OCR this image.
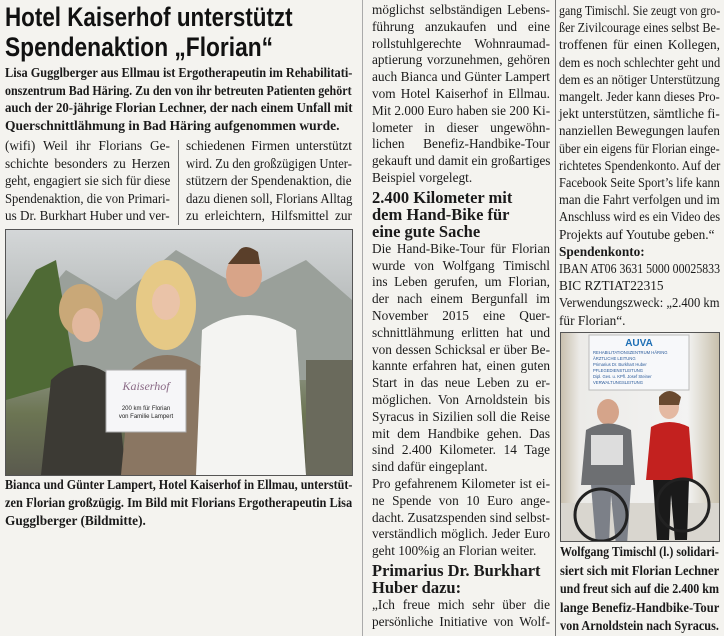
Hotel Kaiserhof unterstützt
Spendenaktion „Florian“
Lisa Gugglberger aus Ellmau ist Ergotherapeutin im Rehabilitati-
onszentrum Bad Häring. Zu den von ihr betreuten Patienten gehört
auch der 20-jährige Florian Lechner, der nach einem Unfall mit
Querschnittlähmung in Bad Häring aufgenommen wurde.
(wifi) Weil ihr Florians Ge-
schichte besonders zu Herzen
geht, engagiert sie sich für diese
Spendenaktion, die von Primari-
us Dr. Burkhart Huber und ver-
schiedenen Firmen unterstützt
wird. Zu den großzügigen Unter-
stützern der Spendenaktion, die
dazu dienen soll, Florians Alltag
zu erleichtern, Hilfsmittel zur
Kaiserhof
200 km für Florian
von Familie Lampert
Bianca und Günter Lampert, Hotel Kaiserhof in Ellmau, unterstüt-
zen Florian großzügig. Im Bild mit Florians Ergotherapeutin Lisa
Gugglberger (Bildmitte).
möglichst selbständigen Lebens-
führung anzukaufen und eine
rollstuhlgerechte Wohnraumad-
aptierung vorzunehmen, gehören
auch Bianca und Günter Lampert
vom Hotel Kaiserhof in Ellmau.
Mit 2.000 Euro haben sie 200 Ki-
lometer in dieser ungewöhn-
lichen Benefiz-Handbike-Tour
gekauft und damit ein großartiges
Beispiel vorgelegt.
2.400 Kilometer mit
dem Hand-Bike für
eine gute Sache
Die Hand-Bike-Tour für Florian
wurde von Wolfgang Timischl
ins Leben gerufen, um Florian,
der nach einem Bergunfall im
November 2015 eine Quer-
schnittlähmung erlitten hat und
von dessen Schicksal er über Be-
kannte erfahren hat, einen guten
Start in das neue Leben zu er-
möglichen. Von Arnoldstein bis
Syracus in Sizilien soll die Reise
mit dem Handbike gehen. Das
sind 2.400 Kilometer. 14 Tage
sind dafür eingeplant.
Pro gefahrenem Kilometer ist ei-
ne Spende von 10 Euro ange-
dacht. Zusatzspenden sind selbst-
verständlich möglich. Jeder Euro
geht 100%ig an Florian weiter.
Primarius Dr. Burkhart
Huber dazu:
„Ich freue mich sehr über die
persönliche Initiative von Wolf-
gang Timischl. Sie zeugt von gro-
ßer Zivilcourage eines selbst Be-
troffenen für einen Kollegen,
dem es noch schlechter geht und
dem es an nötiger Unterstützung
mangelt. Jeder kann dieses Pro-
jekt unterstützen, sämtliche fi-
nanziellen Bewegungen laufen
über ein eigens für Florian einge-
richtetes Spendenkonto. Auf der
Facebook Seite Sport’s life kann
man die Fahrt verfolgen und im
Anschluss wird es ein Video des
Projekts auf Youtube geben.“
Spendenkonto:
IBAN AT06 3631 5000 00025833
BIC RZTIAT22315
Verwendungszweck: „2.400 km
für Florian“.
AUVA
REHABILITATIONSZENTRUM HÄRING
ÄRZTLICHE LEITUNG
Primarius Dr. Burkhart Huber
PFLEGEDIENSTLEITUNG
Dipl. Ges. u. KPfl. Josef Steiner
VERWALTUNGSLEITUNG
Wolfgang Timischl (l.) solidari-
siert sich mit Florian Lechner
und freut sich auf die 2.400 km
lange Benefiz-Handbike-Tour
von Arnoldstein nach Syracus.
